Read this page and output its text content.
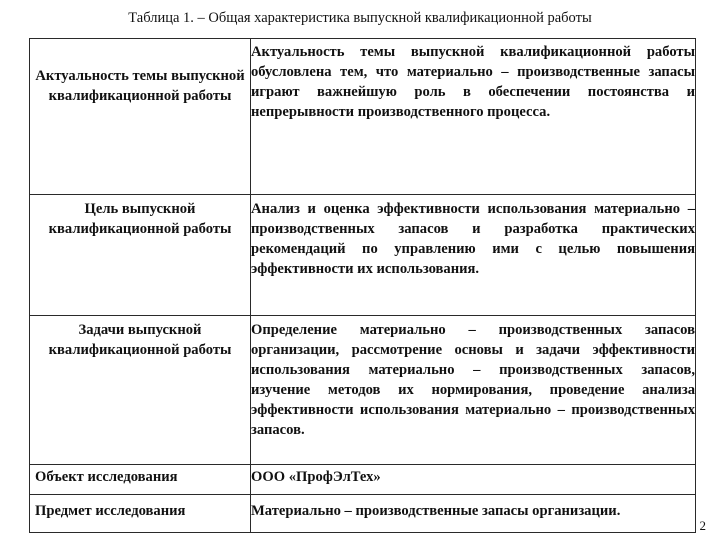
Таблица 1. – Общая характеристика выпускной квалификационной работы
Актуальность темы выпускной квалификационной работы	Актуальность темы выпускной квалификационной работы обусловлена тем, что материально – производственные запасы играют важнейшую роль в обеспечении постоянства и непрерывности производственного процесса.
Цель выпускной квалификационной работы	Анализ и оценка эффективности использования материально – производственных запасов и разработка практических рекомендаций по управлению ими с целью повышения эффективности их использования.
Задачи выпускной квалификационной работы	Определение материально – производственных запасов организации, рассмотрение основы и задачи эффективности использования материально – производственных запасов, изучение методов их нормирования, проведение анализа эффективности использования материально – производственных запасов.
Объект исследования	ООО «ПрофЭлТех»
Предмет исследования	Материально – производственные запасы организации.
2
